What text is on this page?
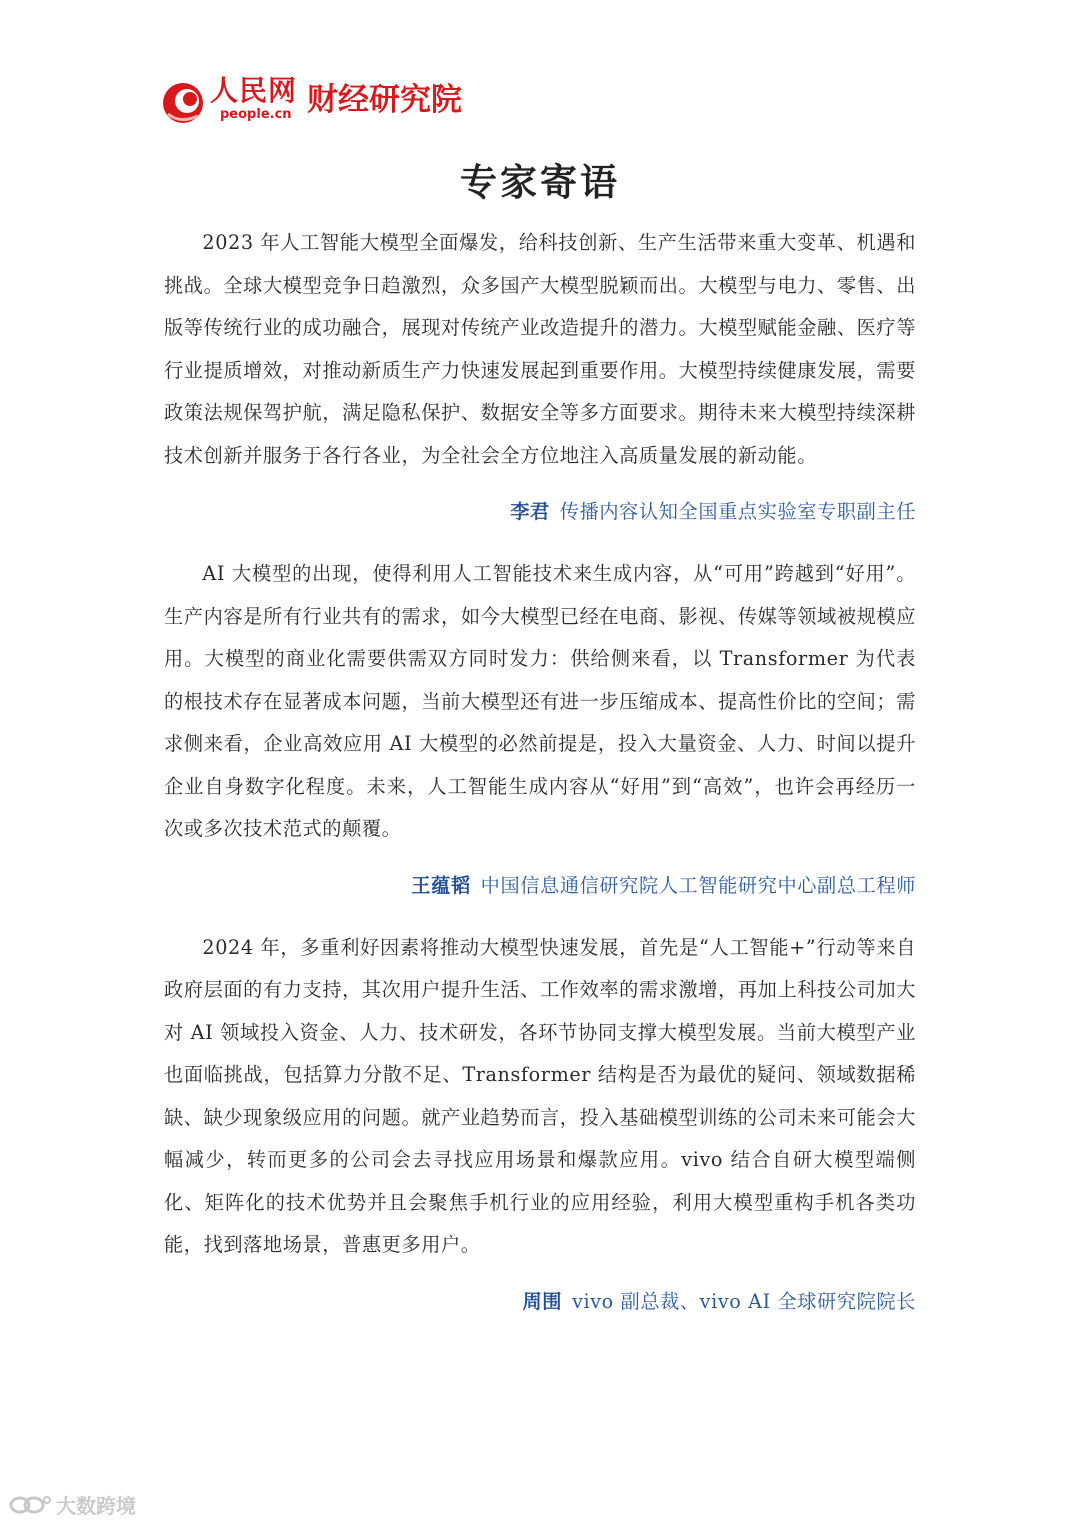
人民网
people.cn 财经研究院
专家寄语

2023 年人工智能大模型全面爆发，给科技创新、生产生活带来重大变革、机遇和挑战。全球大模型竞争日趋激烈，众多国产大模型脱颖而出。大模型与电力、零售、出版等传统行业的成功融合，展现对传统产业改造提升的潜力。大模型赋能金融、医疗等行业提质增效，对推动新质生产力快速发展起到重要作用。大模型持续健康发展，需要政策法规保驾护航，满足隐私保护、数据安全等多方面要求。期待未来大模型持续深耕技术创新并服务于各行各业，为全社会全方位地注入高质量发展的新动能。

李君 传播内容认知全国重点实验室专职副主任

AI 大模型的出现，使得利用人工智能技术来生成内容，从“可用”跨越到“好用”。生产内容是所有行业共有的需求，如今大模型已经在电商、影视、传媒等领域被规模应用。大模型的商业化需要供需双方同时发力：供给侧来看，以 Transformer 为代表的根技术存在显著成本问题，当前大模型还有进一步压缩成本、提高性价比的空间；需求侧来看，企业高效应用 AI 大模型的必然前提是，投入大量资金、人力、时间以提升企业自身数字化程度。未来，人工智能生成内容从“好用”到“高效”，也许会再经历一次或多次技术范式的颠覆。

王蕴韬 中国信息通信研究院人工智能研究中心副总工程师

2024 年，多重利好因素将推动大模型快速发展，首先是“人工智能+”行动等来自政府层面的有力支持，其次用户提升生活、工作效率的需求激增，再加上科技公司加大对 AI 领域投入资金、人力、技术研发，各环节协同支撑大模型发展。当前大模型产业也面临挑战，包括算力分散不足、Transformer 结构是否为最优的疑问、领域数据稀缺、缺少现象级应用的问题。就产业趋势而言，投入基础模型训练的公司未来可能会大幅减少，转而更多的公司会去寻找应用场景和爆款应用。vivo 结合自研大模型端侧化、矩阵化的技术优势并且会聚焦手机行业的应用经验，利用大模型重构手机各类功能，找到落地场景，普惠更多用户。

周围 vivo 副总裁、vivo AI 全球研究院院长
大数跨境
